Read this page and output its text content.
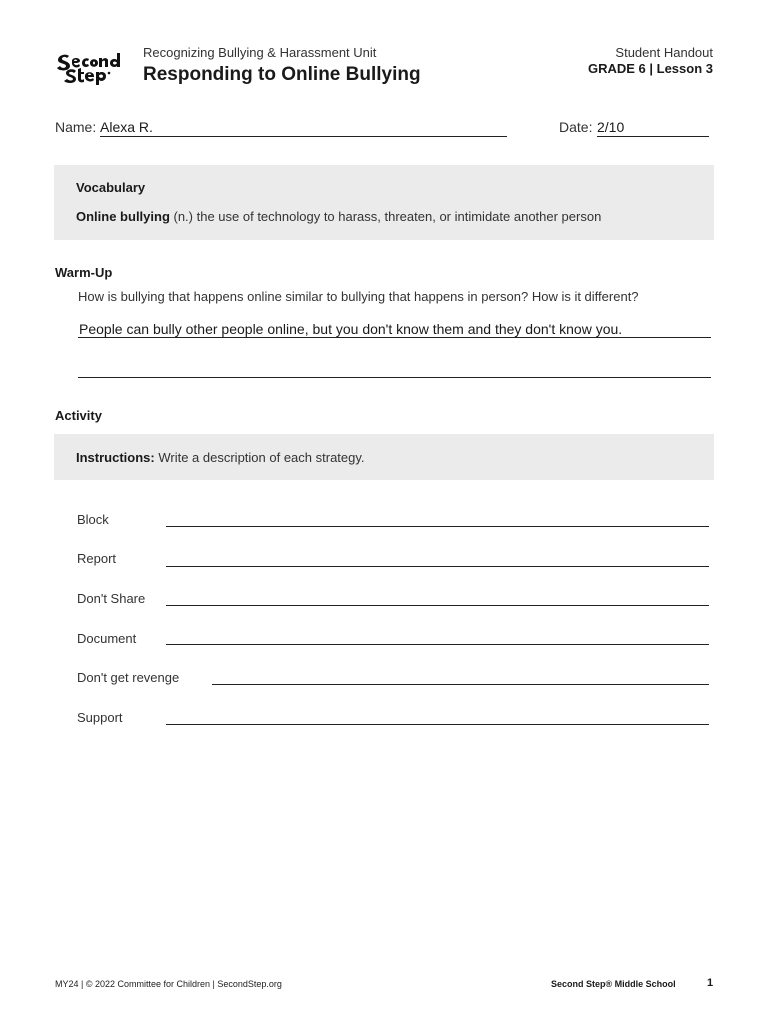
Recognizing Bullying & Harassment Unit
Responding to Online Bullying
Student Handout
GRADE 6 | Lesson 3
Name: Alexa R.	Date: 2/10
Vocabulary
Online bullying (n.) the use of technology to harass, threaten, or intimidate another person
Warm-Up
How is bullying that happens online similar to bullying that happens in person? How is it different?
People can bully other people online, but you don't know them and they don't know you.
Activity
Instructions: Write a description of each strategy.
Block
Report
Don't Share
Document
Don't get revenge
Support
MY24 | © 2022 Committee for Children | SecondStep.org	Second Step® Middle School	1
